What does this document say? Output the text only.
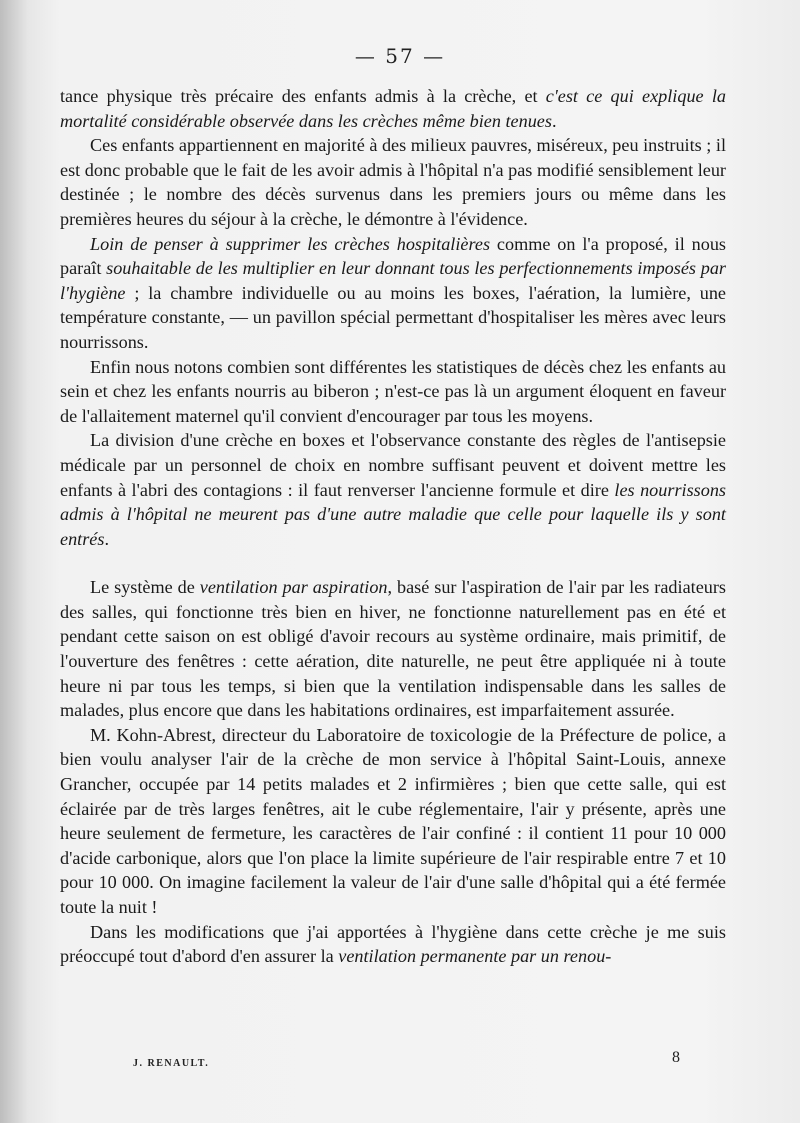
— 57 —

tance physique très précaire des enfants admis à la crèche, et c'est ce qui explique la mortalité considérable observée dans les crèches même bien tenues.

Ces enfants appartiennent en majorité à des milieux pauvres, miséreux, peu instruits ; il est donc probable que le fait de les avoir admis à l'hôpital n'a pas modifié sensiblement leur destinée ; le nombre des décès survenus dans les premiers jours ou même dans les premières heures du séjour à la crèche, le démontre à l'évidence.

Loin de penser à supprimer les crèches hospitalières comme on l'a proposé, il nous paraît souhaitable de les multiplier en leur donnant tous les perfectionnements imposés par l'hygiène ; la chambre individuelle ou au moins les boxes, l'aération, la lumière, une température constante, — un pavillon spécial permettant d'hospitaliser les mères avec leurs nourrissons.

Enfin nous notons combien sont différentes les statistiques de décès chez les enfants au sein et chez les enfants nourris au biberon ; n'est-ce pas là un argument éloquent en faveur de l'allaitement maternel qu'il convient d'encourager par tous les moyens.

La division d'une crèche en boxes et l'observance constante des règles de l'antisepsie médicale par un personnel de choix en nombre suffisant peuvent et doivent mettre les enfants à l'abri des contagions : il faut renverser l'ancienne formule et dire les nourrissons admis à l'hôpital ne meurent pas d'une autre maladie que celle pour laquelle ils y sont entrés.

Le système de ventilation par aspiration, basé sur l'aspiration de l'air par les radiateurs des salles, qui fonctionne très bien en hiver, ne fonctionne naturellement pas en été et pendant cette saison on est obligé d'avoir recours au système ordinaire, mais primitif, de l'ouverture des fenêtres : cette aération, dite naturelle, ne peut être appliquée ni à toute heure ni par tous les temps, si bien que la ventilation indispensable dans les salles de malades, plus encore que dans les habitations ordinaires, est imparfaitement assurée.

M. Kohn-Abrest, directeur du Laboratoire de toxicologie de la Préfecture de police, a bien voulu analyser l'air de la crèche de mon service à l'hôpital Saint-Louis, annexe Grancher, occupée par 14 petits malades et 2 infirmières ; bien que cette salle, qui est éclairée par de très larges fenêtres, ait le cube réglementaire, l'air y présente, après une heure seulement de fermeture, les caractères de l'air confiné : il contient 11 pour 10 000 d'acide carbonique, alors que l'on place la limite supérieure de l'air respirable entre 7 et 10 pour 10 000. On imagine facilement la valeur de l'air d'une salle d'hôpital qui a été fermée toute la nuit !

Dans les modifications que j'ai apportées à l'hygiène dans cette crèche je me suis préoccupé tout d'abord d'en assurer la ventilation permanente par un renou-

J. RENAULT.	8
